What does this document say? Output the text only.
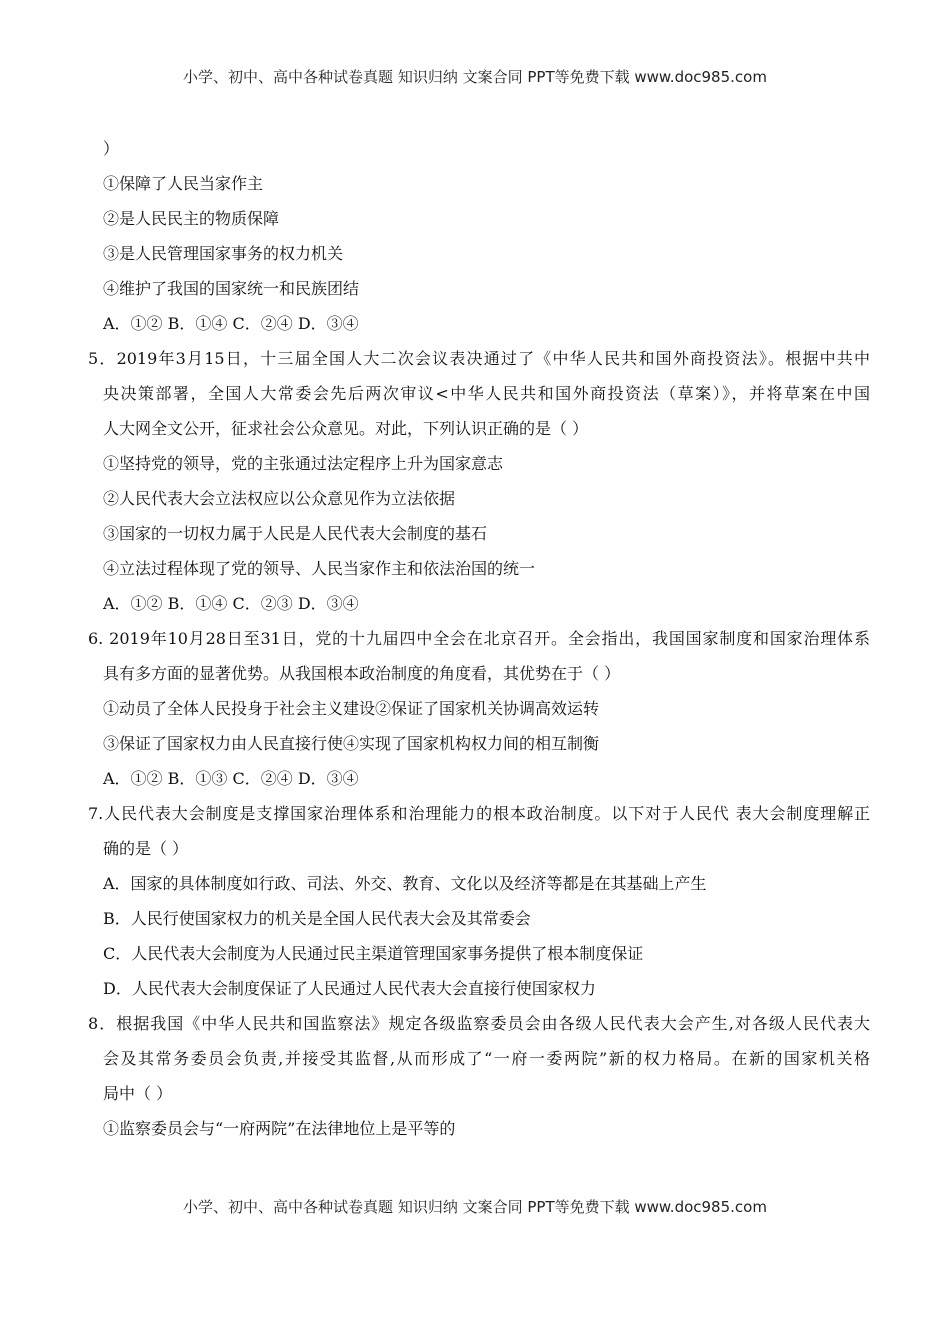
小学、初中、高中各种试卷真题 知识归纳 文案合同 PPT等免费下载 www.doc985.com
）
①保障了人民当家作主
②是人民民主的物质保障
③是人民管理国家事务的权力机关
④维护了我国的国家统一和民族团结
A．①② B．①④ C．②④ D．③④
5．2019年3月15日，十三届全国人大二次会议表决通过了《中华人民共和国外商投资法》。根据中共中
央决策部署，全国人大常委会先后两次审议<中华人民共和国外商投资法（草案）》，并将草案在中国
人大网全文公开，征求社会公众意见。对此，下列认识正确的是（ ）
①坚持党的领导，党的主张通过法定程序上升为国家意志
②人民代表大会立法权应以公众意见作为立法依据
③国家的一切权力属于人民是人民代表大会制度的基石
④立法过程体现了党的领导、人民当家作主和依法治国的统一
A．①② B．①④ C．②③ D．③④
6. 2019年10月28日至31日，党的十九届四中全会在北京召开。全会指出，我国国家制度和国家治理体系
具有多方面的显著优势。从我国根本政治制度的角度看，其优势在于（ ）
①动员了全体人民投身于社会主义建设②保证了国家机关协调高效运转
③保证了国家权力由人民直接行使④实现了国家机构权力间的相互制衡
A．①② B．①③ C．②④ D．③④
7.人民代表大会制度是支撑国家治理体系和治理能力的根本政治制度。以下对于人民代 表大会制度理解正
确的是（ ）
A．国家的具体制度如行政、司法、外交、教育、文化以及经济等都是在其基础上产生
B．人民行使国家权力的机关是全国人民代表大会及其常委会
C．人民代表大会制度为人民通过民主渠道管理国家事务提供了根本制度保证
D．人民代表大会制度保证了人民通过人民代表大会直接行使国家权力
8．根据我国《中华人民共和国监察法》规定各级监察委员会由各级人民代表大会产生,对各级人民代表大
会及其常务委员会负责,并接受其监督,从而形成了“一府一委两院”新的权力格局。在新的国家机关格
局中（ ）
①监察委员会与“一府两院”在法律地位上是平等的
小学、初中、高中各种试卷真题 知识归纳 文案合同 PPT等免费下载 www.doc985.com
